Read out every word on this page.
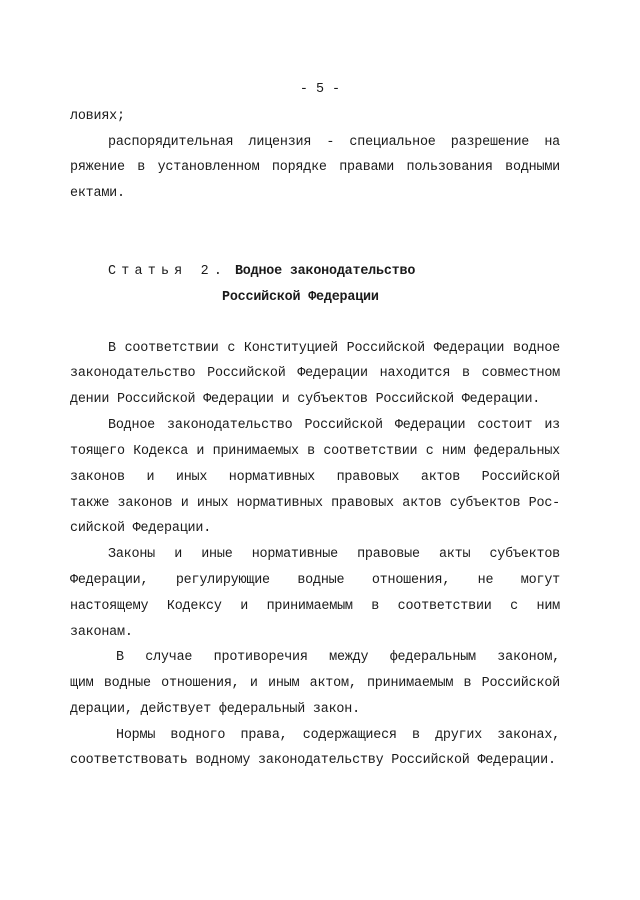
- 5 -
ловиях;
распорядительная лицензия - специальное разрешение на
ряжение в установленном порядке правами пользования водными
ектами.
Статья 2. Водное законодательство
Российской Федерации
В соответствии с Конституцией Российской Федерации водное
законодательство Российской Федерации находится в совместном
дении Российской Федерации и субъектов Российской Федерации.
Водное законодательство Российской Федерации состоит из
тоящего Кодекса и принимаемых в соответствии с ним федеральных
законов и иных нормативных правовых актов Российской
также законов и иных нормативных правовых актов субъектов Рос-
сийской Федерации.
Законы и иные нормативные правовые акты субъектов
Федерации, регулирующие водные отношения, не могут
настоящему Кодексу и принимаемым в соответствии с ним
законам.
В случае противоречия между федеральным законом,
щим водные отношения, и иным актом, принимаемым в Российской
дерации, действует федеральный закон.
Нормы водного права, содержащиеся в других законах,
соответствовать водному законодательству Российской Федерации.
